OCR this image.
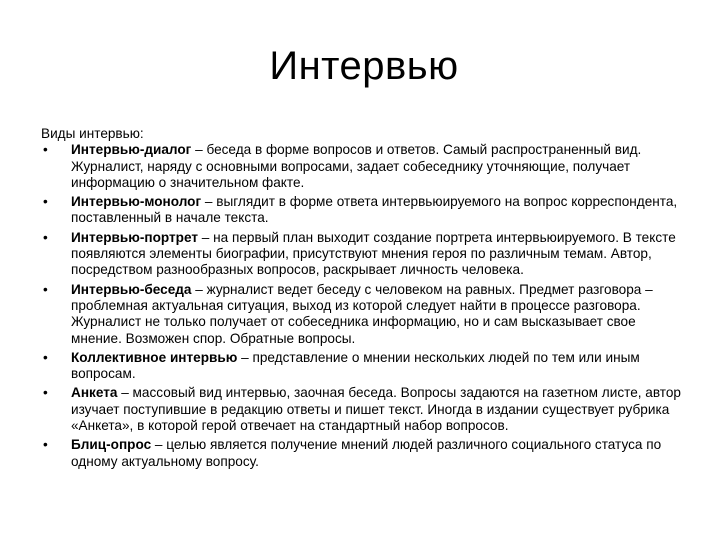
Интервью

Виды интервью:

•	Интервью-диалог – беседа в форме вопросов и ответов. Самый распространенный вид. Журналист, наряду с основными вопросами, задает собеседнику уточняющие, получает информацию о значительном факте.
•	Интервью-монолог – выглядит в форме ответа интервьюируемого на вопрос корреспондента, поставленный в начале текста.
•	Интервью-портрет – на первый план выходит создание портрета интервьюируемого. В тексте появляются элементы биографии, присутствуют мнения героя по различным темам. Автор, посредством разнообразных вопросов, раскрывает личность человека.
•	Интервью-беседа – журналист ведет беседу с человеком на равных. Предмет разговора – проблемная актуальная ситуация, выход из которой следует найти в процессе разговора. Журналист не только получает от собеседника информацию, но и сам высказывает свое мнение. Возможен спор. Обратные вопросы.
•	Коллективное интервью – представление о мнении нескольких людей по тем или иным вопросам.
•	Анкета – массовый вид интервью, заочная беседа. Вопросы задаются на газетном листе, автор изучает поступившие в редакцию ответы и пишет текст. Иногда в издании существует рубрика «Анкета», в которой герой отвечает на стандартный набор вопросов.
•	Блиц-опрос – целью является получение мнений людей различного социального статуса по одному актуальному вопросу.
